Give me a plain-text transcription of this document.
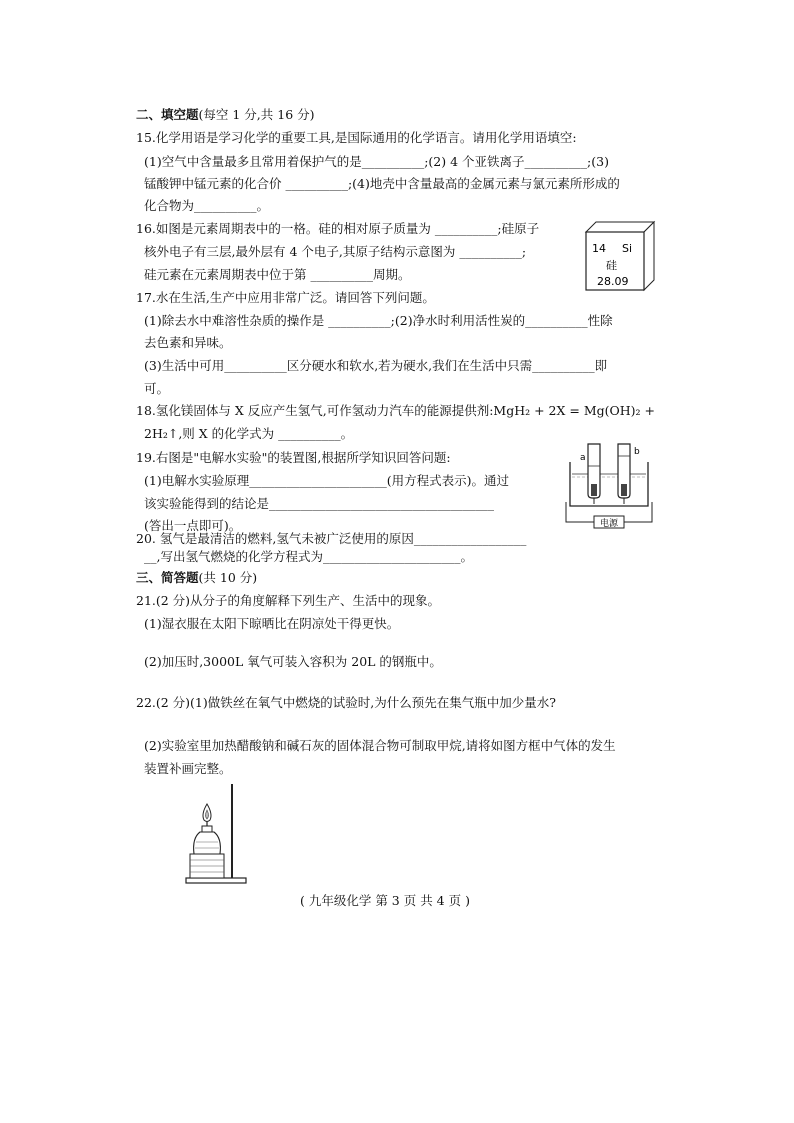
二、填空题(每空 1 分,共 16 分)
15.化学用语是学习化学的重要工具,是国际通用的化学语言。请用化学用语填空:
(1)空气中含量最多且常用着保护气的是__________;(2) 4 个亚铁离子__________;(3)
锰酸钾中锰元素的化合价 __________;(4)地壳中含量最高的金属元素与氯元素所形成的
化合物为__________。
16.如图是元素周期表中的一格。硅的相对原子质量为 __________;硅原子
核外电子有三层,最外层有 4 个电子,其原子结构示意图为 __________;
硅元素在元素周期表中位于第 __________周期。
14 Si
硅
28.09
17.水在生活,生产中应用非常广泛。请回答下列问题。
(1)除去水中难溶性杂质的操作是 __________;(2)净水时利用活性炭的__________性除
去色素和异味。
(3)生活中可用__________区分硬水和软水,若为硬水,我们在生活中只需__________即
可。
18.氢化镁固体与 X 反应产生氢气,可作氢动力汽车的能源提供剂:MgH₂ + 2X = Mg(OH)₂ +
2H₂↑,则 X 的化学式为 __________。
19.右图是"电解水实验"的装置图,根据所学知识回答问题:
(1)电解水实验原理______________________(用方程式表示)。通过
该实验能得到的结论是____________________________________
(答出一点即可)。	电源
a
b
20. 氢气是最清洁的燃料,氢气未被广泛使用的原因__________________
__,写出氢气燃烧的化学方程式为______________________。
三、简答题(共 10 分)
21.(2 分)从分子的角度解释下列生产、生活中的现象。
(1)湿衣服在太阳下晾晒比在阴凉处干得更快。
(2)加压时,3000L 氧气可装入容积为 20L 的钢瓶中。
22.(2 分)(1)做铁丝在氧气中燃烧的试验时,为什么预先在集气瓶中加少量水?
(2)实验室里加热醋酸钠和碱石灰的固体混合物可制取甲烷,请将如图方框中气体的发生
装置补画完整。
( 九年级化学 第 3 页 共 4 页 )
